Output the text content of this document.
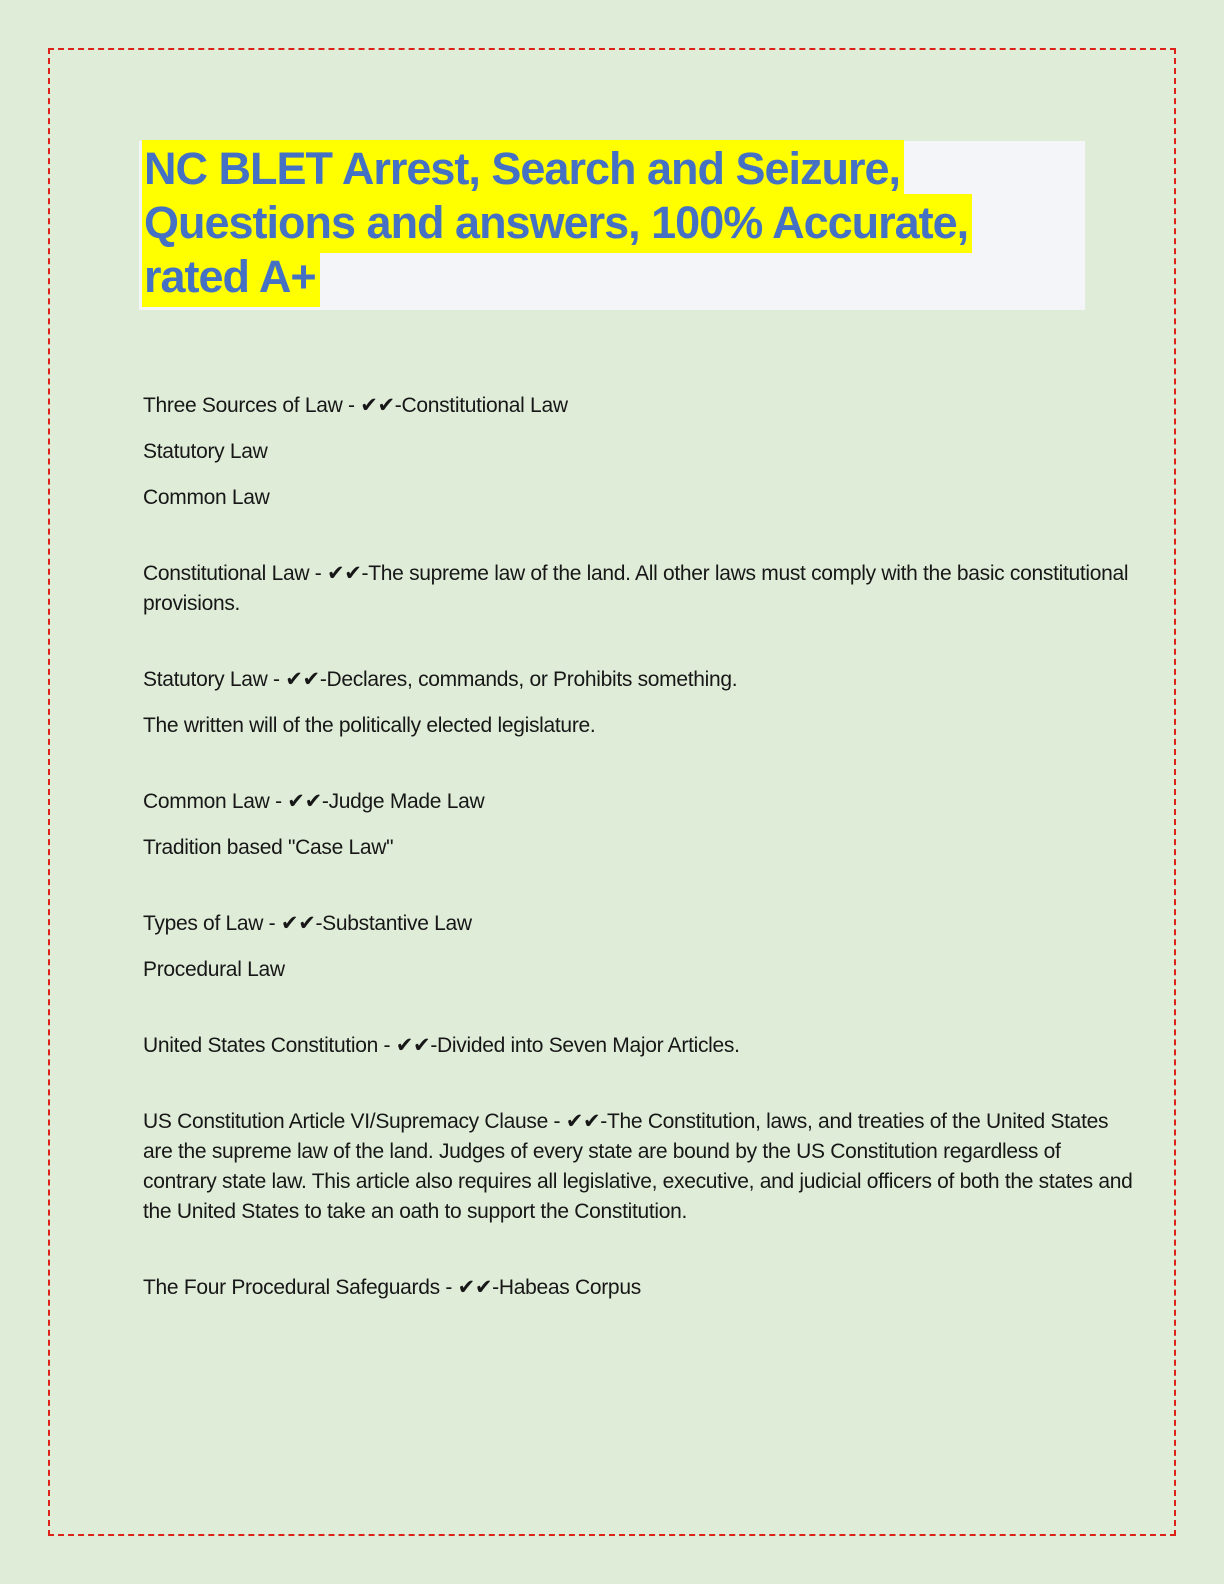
NC BLET Arrest, Search and Seizure,
Questions and answers, 100% Accurate,
rated A+

Three Sources of Law - ✔✔-Constitutional Law

Statutory Law

Common Law

Constitutional Law - ✔✔-The supreme law of the land. All other laws must comply with the basic constitutional provisions.

Statutory Law - ✔✔-Declares, commands, or Prohibits something.

The written will of the politically elected legislature.

Common Law - ✔✔-Judge Made Law

Tradition based "Case Law"

Types of Law - ✔✔-Substantive Law

Procedural Law

United States Constitution - ✔✔-Divided into Seven Major Articles.

US Constitution Article VI/Supremacy Clause - ✔✔-The Constitution, laws, and treaties of the United States are the supreme law of the land. Judges of every state are bound by the US Constitution regardless of contrary state law. This article also requires all legislative, executive, and judicial officers of both the states and the United States to take an oath to support the Constitution.

The Four Procedural Safeguards - ✔✔-Habeas Corpus
